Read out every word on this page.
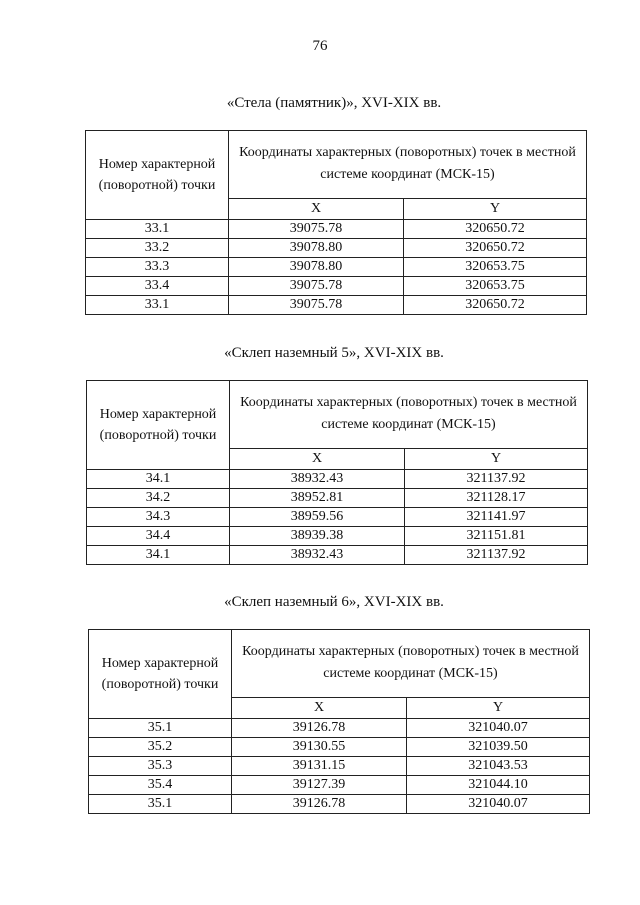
76
«Стела (памятник)», XVI-XIX вв.
Номер характерной (поворотной) точки	Координаты характерных (поворотных) точек в местной системе координат (МСК-15)	
	X	Y
33.1	39075.78	320650.72
33.2	39078.80	320650.72
33.3	39078.80	320653.75
33.4	39075.78	320653.75
33.1	39075.78	320650.72
«Склеп наземный 5», XVI-XIX вв.
Номер характерной (поворотной) точки	Координаты характерных (поворотных) точек в местной системе координат (МСК-15)	
	X	Y
34.1	38932.43	321137.92
34.2	38952.81	321128.17
34.3	38959.56	321141.97
34.4	38939.38	321151.81
34.1	38932.43	321137.92
«Склеп наземный 6», XVI-XIX вв.
Номер характерной (поворотной) точки	Координаты характерных (поворотных) точек в местной системе координат (МСК-15)	
	X	Y
35.1	39126.78	321040.07
35.2	39130.55	321039.50
35.3	39131.15	321043.53
35.4	39127.39	321044.10
35.1	39126.78	321040.07
